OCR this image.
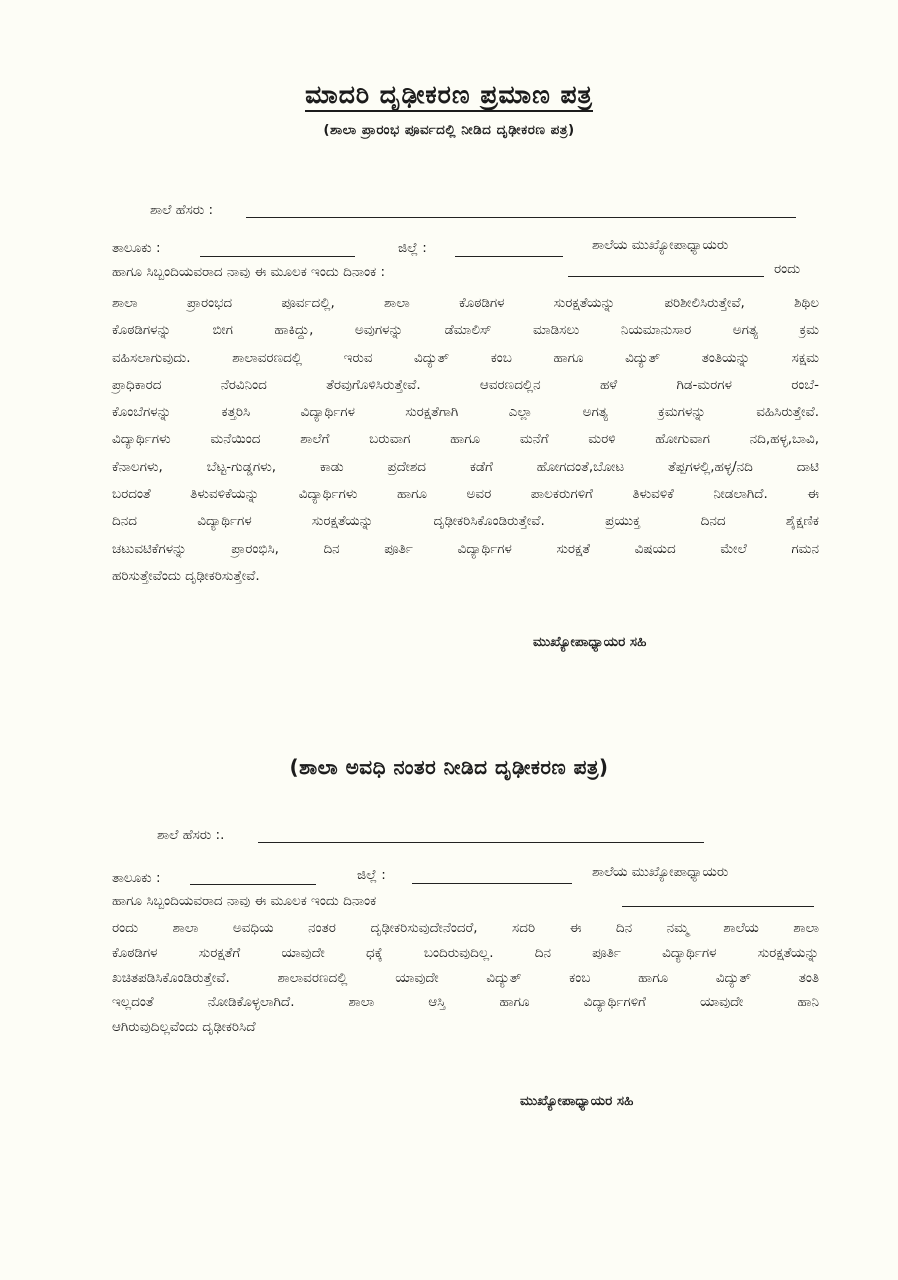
ಮಾದರಿ ದೃಢೀಕರಣ ಪ್ರಮಾಣ ಪತ್ರ
(ಶಾಲಾ ಪ್ರಾರಂಭ ಪೂರ್ವದಲ್ಲಿ ನೀಡಿದ ದೃಢೀಕರಣ ಪತ್ರ)
ಶಾಲೆ ಹೆಸರು :
ತಾಲೂಕು :	ಜಿಲ್ಲೆ :	ಶಾಲೆಯ ಮುಖ್ಯೋಪಾಧ್ಯಾಯರು
ಹಾಗೂ ಸಿಬ್ಬಂದಿಯವರಾದ ನಾವು ಈ ಮೂಲಕ ಇಂದು ದಿನಾಂಕ :	ರಂದು
ಶಾಲಾ ಪ್ರಾರಂಭದ ಪೂರ್ವದಲ್ಲಿ, ಶಾಲಾ ಕೊಠಡಿಗಳ ಸುರಕ್ಷತೆಯನ್ನು ಪರಿಶೀಲಿಸಿರುತ್ತೇವೆ, ಶಿಥಿಲ
ಕೊಠಡಿಗಳನ್ನು ಬೀಗ ಹಾಕಿದ್ದು, ಅವುಗಳನ್ನು ಡೆಮಾಲಿಸ್ ಮಾಡಿಸಲು ನಿಯಮಾನುಸಾರ ಅಗತ್ಯ ಕ್ರಮ
ವಹಿಸಲಾಗುವುದು. ಶಾಲಾವರಣದಲ್ಲಿ ಇರುವ ವಿದ್ಯುತ್ ಕಂಬ ಹಾಗೂ ವಿದ್ಯುತ್ ತಂತಿಯನ್ನು ಸಕ್ಷಮ
ಪ್ರಾಧಿಕಾರದ ನೆರವಿನಿಂದ ತೆರವುಗೊಳಿಸಿರುತ್ತೇವೆ. ಆವರಣದಲ್ಲಿನ ಹಳೆ ಗಿಡ-ಮರಗಳ ರಂಬೆ-
ಕೊಂಬೆಗಳನ್ನು ಕತ್ತರಿಸಿ ವಿದ್ಯಾರ್ಥಿಗಳ ಸುರಕ್ಷತೆಗಾಗಿ ಎಲ್ಲಾ ಅಗತ್ಯ ಕ್ರಮಗಳನ್ನು ವಹಿಸಿರುತ್ತೇವೆ.
ವಿದ್ಯಾರ್ಥಿಗಳು ಮನೆಯಿಂದ ಶಾಲೆಗೆ ಬರುವಾಗ ಹಾಗೂ ಮನೆಗೆ ಮರಳಿ ಹೋಗುವಾಗ ನದಿ,ಹಳ್ಳ,ಬಾವಿ,
ಕೆನಾಲಗಳು, ಬೆಟ್ಟ-ಗುಡ್ಡಗಳು, ಕಾಡು ಪ್ರದೇಶದ ಕಡೆಗೆ ಹೋಗದಂತೆ,ಬೋಟ ತೆಪ್ಪಗಳಲ್ಲಿ,ಹಳ್ಳ/ನದಿ ದಾಟಿ
ಬರದಂತೆ ತಿಳುವಳಿಕೆಯನ್ನು ವಿದ್ಯಾರ್ಥಿಗಳು ಹಾಗೂ ಅವರ ಪಾಲಕರುಗಳಿಗೆ ತಿಳುವಳಿಕೆ ನೀಡಲಾಗಿದೆ. ಈ
ದಿನದ ವಿದ್ಯಾರ್ಥಿಗಳ ಸುರಕ್ಷತೆಯನ್ನು ದೃಢೀಕರಿಸಿಕೊಂಡಿರುತ್ತೇವೆ. ಪ್ರಯುಕ್ತ ದಿನದ ಶೈಕ್ಷಣಿಕ
ಚಟುವಟಿಕೆಗಳನ್ನು ಪ್ರಾರಂಭಿಸಿ, ದಿನ ಪೂರ್ತಿ ವಿದ್ಯಾರ್ಥಿಗಳ ಸುರಕ್ಷತೆ ವಿಷಯದ ಮೇಲೆ ಗಮನ
ಹರಿಸುತ್ತೇವೆಂದು ದೃಢೀಕರಿಸುತ್ತೇವೆ.
ಮುಖ್ಯೋಪಾಧ್ಯಾಯರ ಸಹಿ
(ಶಾಲಾ ಅವಧಿ ನಂತರ ನೀಡಿದ ದೃಢೀಕರಣ ಪತ್ರ)
ಶಾಲೆ ಹೆಸರು :.
ತಾಲೂಕು :	ಜಿಲ್ಲೆ :	ಶಾಲೆಯ ಮುಖ್ಯೋಪಾಧ್ಯಾಯರು
ಹಾಗೂ ಸಿಬ್ಬಂದಿಯವರಾದ ನಾವು ಈ ಮೂಲಕ ಇಂದು ದಿನಾಂಕ
ರಂದು ಶಾಲಾ ಅವಧಿಯ ನಂತರ ದೃಢೀಕರಿಸುವುದೇನೆಂದರೆ, ಸದರಿ ಈ ದಿನ ನಮ್ಮ ಶಾಲೆಯ ಶಾಲಾ
ಕೊಠಡಿಗಳ ಸುರಕ್ಷತೆಗೆ ಯಾವುದೇ ಧಕ್ಕೆ ಬಂದಿರುವುದಿಲ್ಲ. ದಿನ ಪೂರ್ತಿ ವಿದ್ಯಾರ್ಥಿಗಳ ಸುರಕ್ಷತೆಯನ್ನು
ಖಚಿತಪಡಿಸಿಕೊಂಡಿರುತ್ತೇವೆ. ಶಾಲಾವರಣದಲ್ಲಿ ಯಾವುದೇ ವಿದ್ಯುತ್ ಕಂಬ ಹಾಗೂ ವಿದ್ಯುತ್ ತಂತಿ
ಇಲ್ಲದಂತೆ ನೋಡಿಕೊಳ್ಳಲಾಗಿದೆ. ಶಾಲಾ ಆಸ್ತಿ ಹಾಗೂ ವಿದ್ಯಾರ್ಥಿಗಳಿಗೆ ಯಾವುದೇ ಹಾನಿ
ಆಗಿರುವುದಿಲ್ಲವೆಂದು ದೃಢೀಕರಿಸಿದೆ
ಮುಖ್ಯೋಪಾಧ್ಯಾಯರ ಸಹಿ
